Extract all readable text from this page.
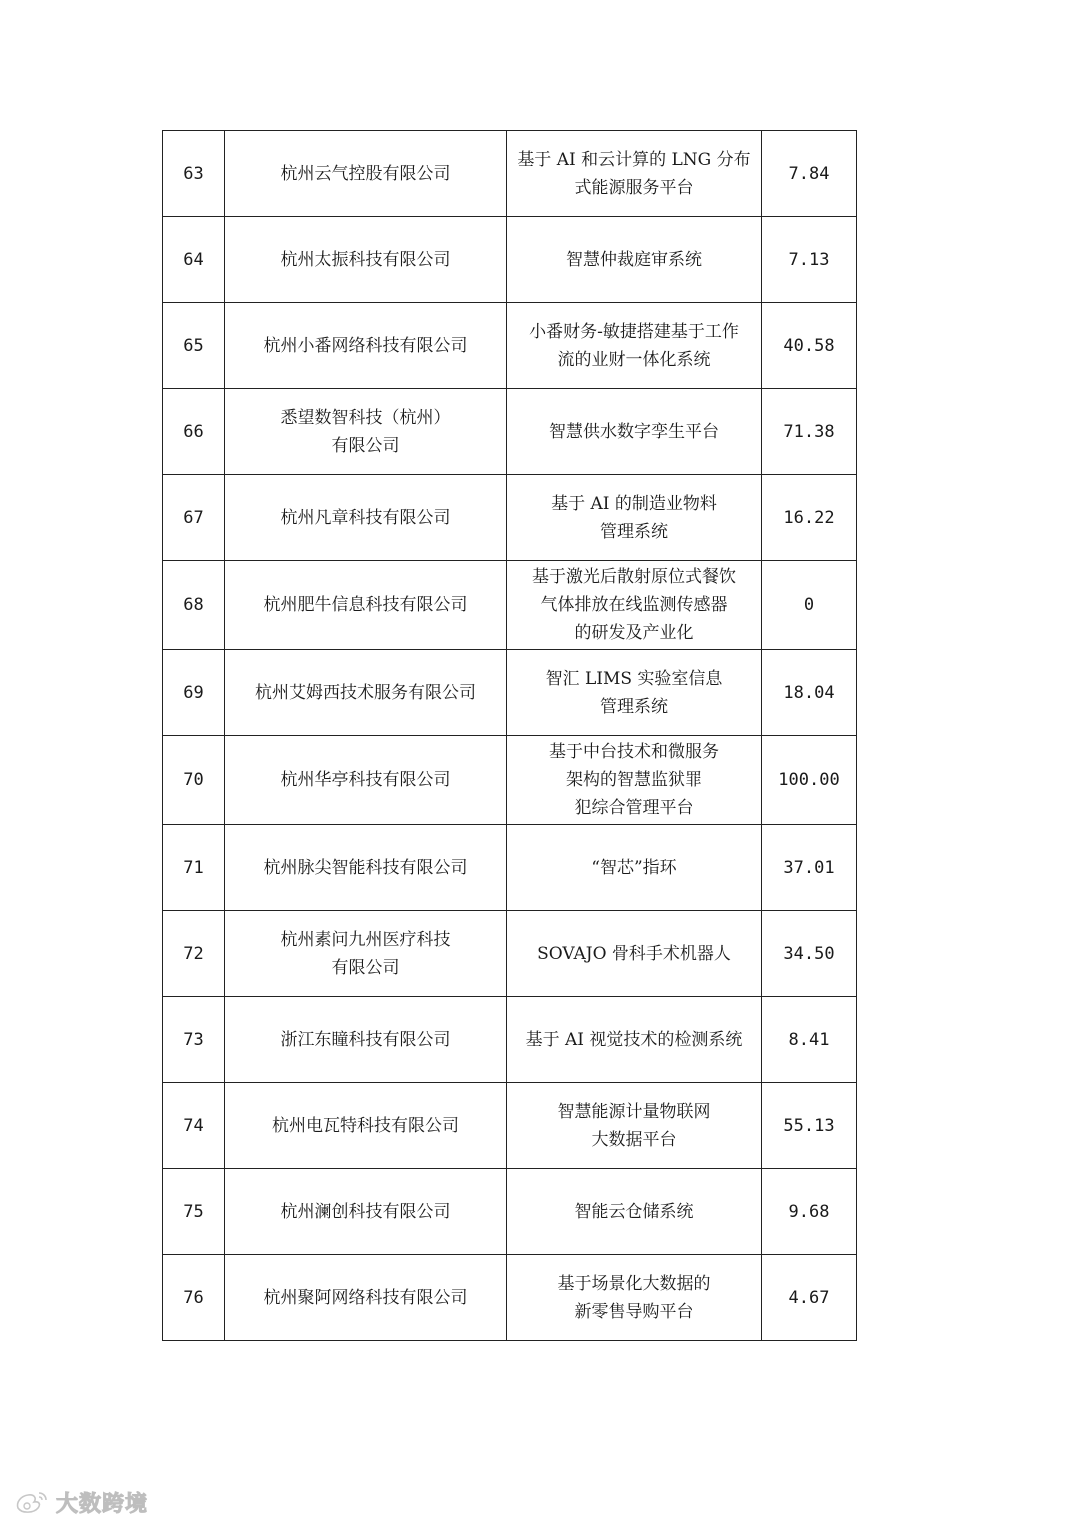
63	杭州云气控股有限公司	基于 AI 和云计算的 LNG 分布
式能源服务平台	7.84
64	杭州太振科技有限公司	智慧仲裁庭审系统	7.13
65	杭州小番网络科技有限公司	小番财务-敏捷搭建基于工作
流的业财一体化系统	40.58
66	悉望数智科技（杭州）
有限公司	智慧供水数字孪生平台	71.38
67	杭州凡章科技有限公司	基于 AI 的制造业物料
管理系统	16.22
68	杭州肥牛信息科技有限公司	基于激光后散射原位式餐饮
气体排放在线监测传感器
的研发及产业化	0
69	杭州艾姆西技术服务有限公司	智汇 LIMS 实验室信息
管理系统	18.04
70	杭州华亭科技有限公司	基于中台技术和微服务
架构的智慧监狱罪
犯综合管理平台	100.00
71	杭州脉尖智能科技有限公司	“智芯”指环	37.01
72	杭州素问九州医疗科技
有限公司	SOVAJO 骨科手术机器人	34.50
73	浙江东瞳科技有限公司	基于 AI 视觉技术的检测系统	8.41
74	杭州电瓦特科技有限公司	智慧能源计量物联网
大数据平台	55.13
75	杭州澜创科技有限公司	智能云仓储系统	9.68
76	杭州聚阿网络科技有限公司	基于场景化大数据的
新零售导购平台	4.67
大数跨境
